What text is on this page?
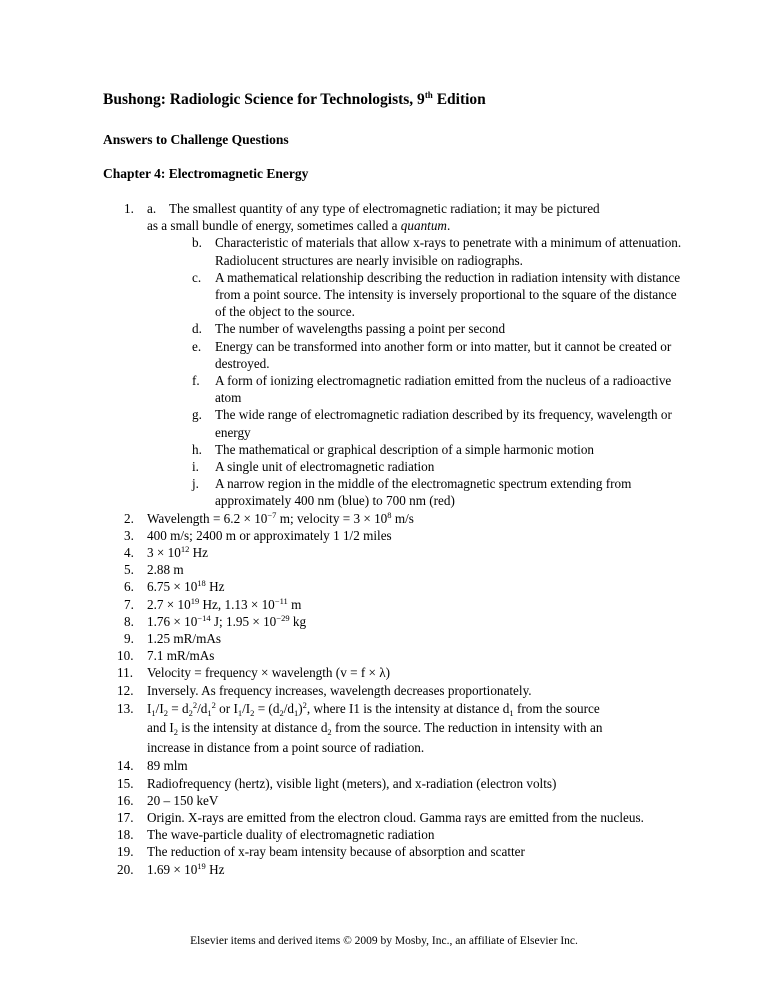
Bushong: Radiologic Science for Technologists, 9th Edition
Answers to Challenge Questions
Chapter 4: Electromagnetic Energy
1. a. The smallest quantity of any type of electromagnetic radiation; it may be pictured
as a small bundle of energy, sometimes called a quantum.
b. Characteristic of materials that allow x-rays to penetrate with a minimum of attenuation. Radiolucent structures are nearly invisible on radiographs.
c. A mathematical relationship describing the reduction in radiation intensity with distance from a point source. The intensity is inversely proportional to the square of the distance of the object to the source.
d. The number of wavelengths passing a point per second
e. Energy can be transformed into another form or into matter, but it cannot be created or destroyed.
f. A form of ionizing electromagnetic radiation emitted from the nucleus of a radioactive atom
g. The wide range of electromagnetic radiation described by its frequency, wavelength or energy
h. The mathematical or graphical description of a simple harmonic motion
i. A single unit of electromagnetic radiation
j. A narrow region in the middle of the electromagnetic spectrum extending from approximately 400 nm (blue) to 700 nm (red)
2. Wavelength = $6.2 \times 10^{-7}$ m; velocity = $3 \times 10^8$ m/s
3. 400 m/s; 2400 m or approximately 1 1/2 miles
4. $3 \times 10^{12}$ Hz
5. 2.88 m
6. $6.75 \times 10^{18}$ Hz
7. $2.7 \times 10^{19}$ Hz, $1.13 \times 10^{-11}$ m
8. $1.76 \times 10^{-14}$ J; $1.95 \times 10^{-29}$ kg
9. 1.25 mR/mAs
10. 7.1 mR/mAs
11. Velocity = frequency × wavelength (v = f × λ)
12. Inversely. As frequency increases, wavelength decreases proportionately.
13. $I_1/I_2 = d_2^2/d_1^2$ or $I_1/I_2 = (d_2/d_1)^2$, where I1 is the intensity at distance $d_1$ from the source
and $I_2$ is the intensity at distance $d_2$ from the source. The reduction in intensity with an
increase in distance from a point source of radiation.
14. 89 mlm
15. Radiofrequency (hertz), visible light (meters), and x-radiation (electron volts)
16. 20 – 150 keV
17. Origin. X-rays are emitted from the electron cloud. Gamma rays are emitted from the nucleus.
18. The wave-particle duality of electromagnetic radiation
19. The reduction of x-ray beam intensity because of absorption and scatter
20. $1.69 \times 10^{19}$ Hz
Elsevier items and derived items © 2009 by Mosby, Inc., an affiliate of Elsevier Inc.
